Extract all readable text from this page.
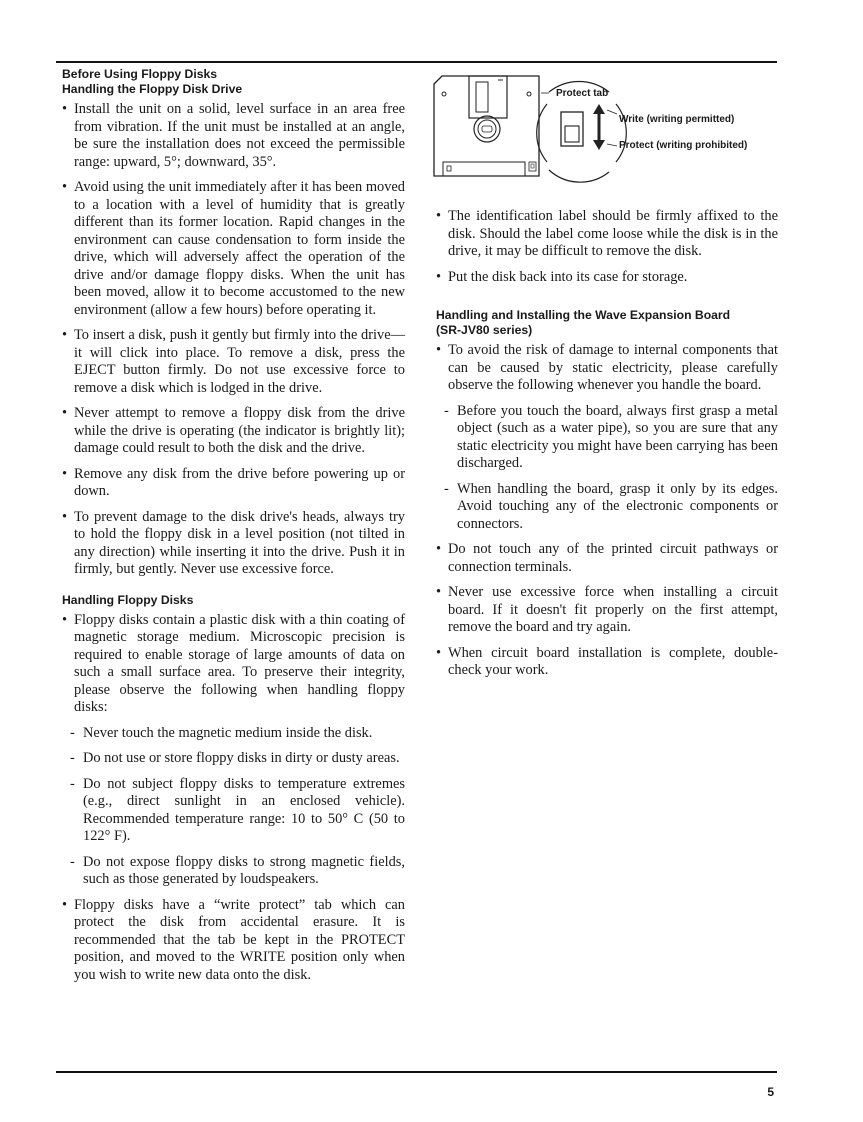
Before Using Floppy Disks

Handling the Floppy Disk Drive

• Install the unit on a solid, level surface in an area free from vibration. If the unit must be installed at an angle, be sure the installation does not exceed the permissible range: upward, 5°; downward, 35°.
• Avoid using the unit immediately after it has been moved to a location with a level of humidity that is greatly different than its former location. Rapid changes in the environment can cause condensation to form inside the drive, which will adversely affect the operation of the drive and/or damage floppy disks. When the unit has been moved, allow it to become accustomed to the new environment (allow a few hours) before operating it.
• To insert a disk, push it gently but firmly into the drive—it will click into place. To remove a disk, press the EJECT button firmly. Do not use excessive force to remove a disk which is lodged in the drive.
• Never attempt to remove a floppy disk from the drive while the drive is operating (the indicator is brightly lit); damage could result to both the disk and the drive.
• Remove any disk from the drive before powering up or down.
• To prevent damage to the disk drive's heads, always try to hold the floppy disk in a level position (not tilted in any direction) while inserting it into the drive. Push it in firmly, but gently. Never use excessive force.

Handling Floppy Disks

• Floppy disks contain a plastic disk with a thin coating of magnetic storage medium. Microscopic precision is required to enable storage of large amounts of data on such a small surface area. To preserve their integrity, please observe the following when handling floppy disks:
- Never touch the magnetic medium inside the disk.
- Do not use or store floppy disks in dirty or dusty areas.
- Do not subject floppy disks to temperature extremes (e.g., direct sunlight in an enclosed vehicle). Recommended temperature range: 10 to 50° C (50 to 122° F).
- Do not expose floppy disks to strong magnetic fields, such as those generated by loudspeakers.
• Floppy disks have a “write protect” tab which can protect the disk from accidental erasure. It is recommended that the tab be kept in the PROTECT position, and moved to the WRITE position only when you wish to write new data onto the disk.
Protect tab
Write (writing permitted)
Protect (writing prohibited)
• The identification label should be firmly affixed to the disk. Should the label come loose while the disk is in the drive, it may be difficult to remove the disk.
• Put the disk back into its case for storage.

Handling and Installing the Wave Expansion Board

(SR-JV80 series)

• To avoid the risk of damage to internal components that can be caused by static electricity, please carefully observe the following whenever you handle the board.
- Before you touch the board, always first grasp a metal object (such as a water pipe), so you are sure that any static electricity you might have been carrying has been discharged.
- When handling the board, grasp it only by its edges. Avoid touching any of the electronic components or connectors.
• Do not touch any of the printed circuit pathways or connection terminals.
• Never use excessive force when installing a circuit board. If it doesn't fit properly on the first attempt, remove the board and try again.
• When circuit board installation is complete, double-check your work.
5
